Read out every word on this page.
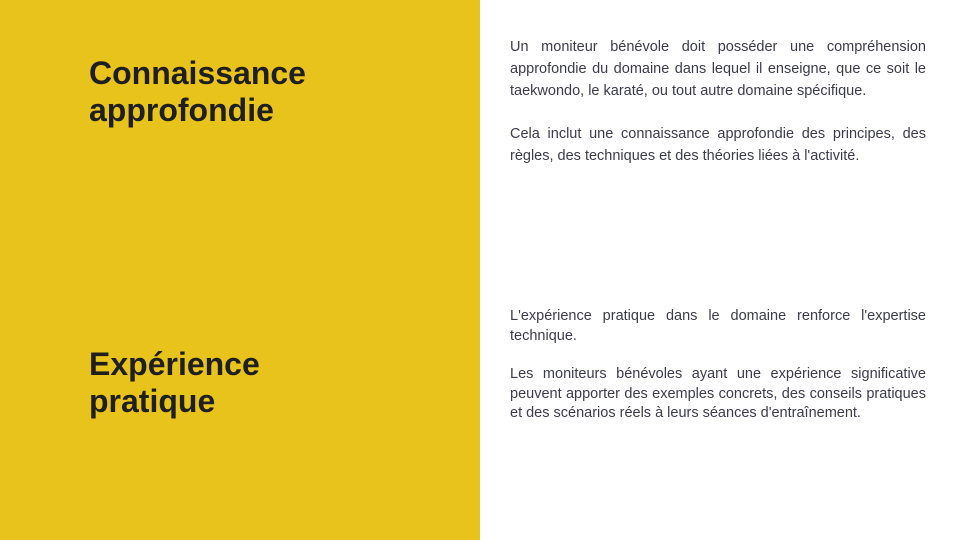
Connaissance
approfondie

Un moniteur bénévole doit posséder une compréhension approfondie du domaine dans lequel il enseigne, que ce soit le taekwondo, le karaté, ou tout autre domaine spécifique.

Cela inclut une connaissance approfondie des principes, des règles, des techniques et des théories liées à l'activité.

Expérience
pratique

L'expérience pratique dans le domaine renforce l'expertise technique.

Les moniteurs bénévoles ayant une expérience significative peuvent apporter des exemples concrets, des conseils pratiques et des scénarios réels à leurs séances d'entraînement.
